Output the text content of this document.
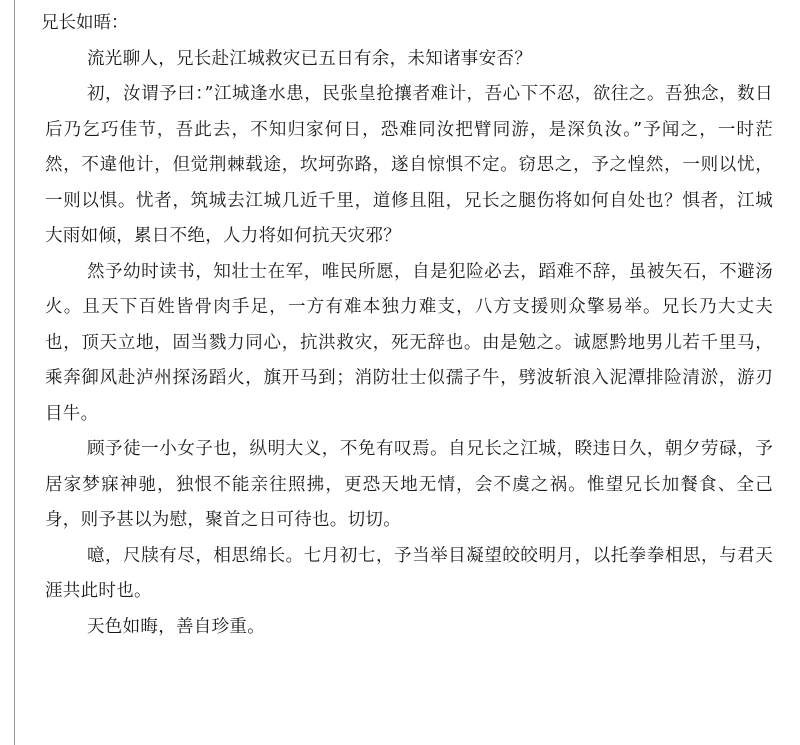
兄长如晤：

流光聊人，兄长赴江城救灾已五日有余，未知诸事安否？

初，汝谓予曰：”江城逢水患，民张皇抢攘者难计，吾心下不忍，欲往之。吾独念，数日后乃乞巧佳节，吾此去，不知归家何日，恐难同汝把臂同游，是深负汝。”予闻之，一时茫然，不違他计，但觉荆棘载途，坎坷弥路，遂自惊惧不定。窃思之，予之惶然，一则以忧，一则以惧。忧者，筑城去江城几近千里，道修且阻，兄长之腿伤将如何自处也？惧者，江城大雨如倾，累日不绝，人力将如何抗天灾邪？

然予幼时读书，知壮士在军，唯民所愿，自是犯险必去，蹈难不辞，虽被矢石，不避汤火。且天下百姓皆骨肉手足，一方有难本独力难支，八方支援则众擎易举。兄长乃大丈夫也，顶天立地，固当戮力同心，抗洪救灾，死无辞也。由是勉之。诚愿黔地男儿若千里马，乘奔御风赴泸州探汤蹈火，旗开马到；消防壮士似孺子牛，劈波斩浪入泥潭排险清淤，游刃目牛。

顾予徒一小女子也，纵明大义，不免有叹焉。自兄长之江城，睽违日久，朝夕劳碌，予居家梦寐神驰，独恨不能亲往照拂，更恐天地无情，会不虞之祸。惟望兄长加餐食、全己身，则予甚以为慰，聚首之日可待也。切切。

噫，尺牍有尽，相思绵长。七月初七，予当举目凝望皎皎明月，以托拳拳相思，与君天涯共此时也。

天色如晦，善自珍重。
